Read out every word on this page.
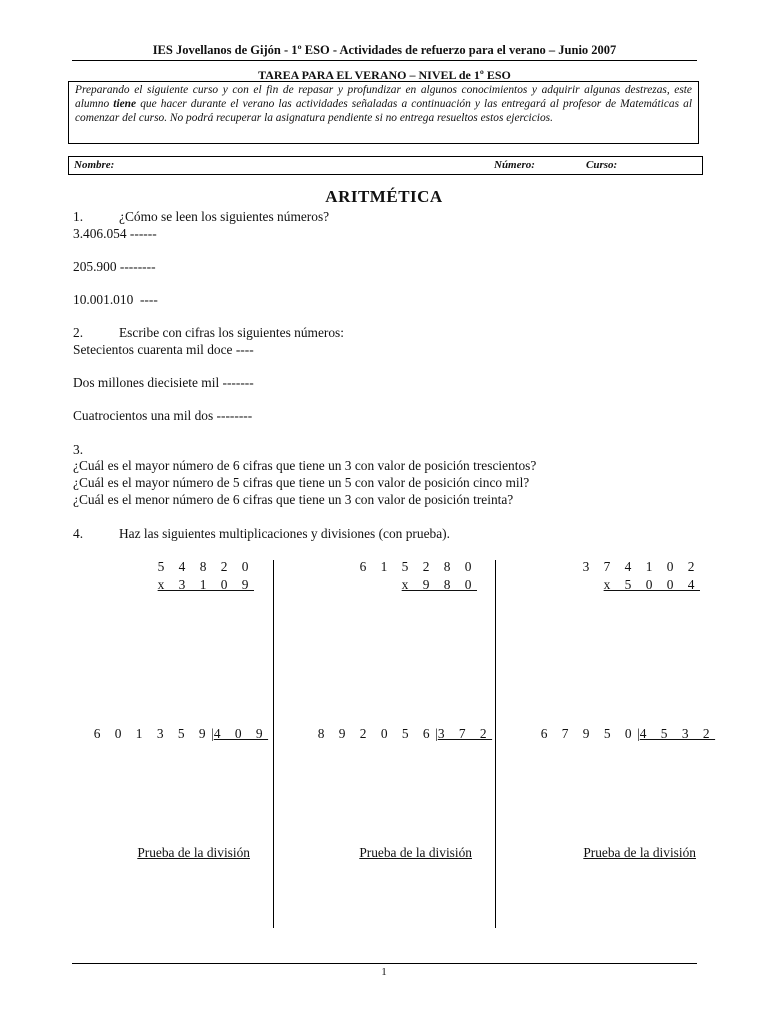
IES Jovellanos de Gijón - 1º ESO - Actividades de refuerzo para el verano – Junio 2007
TAREA PARA EL VERANO – NIVEL de 1º ESO
Preparando el siguiente curso y con el fin de repasar y profundizar en algunos conocimientos y adquirir algunas destrezas, este alumno tiene que hacer durante el verano las actividades señaladas a continuación y las entregará al profesor de Matemáticas al comenzar del curso. No podrá recuperar la asignatura pendiente si no entrega resueltos estos ejercicios.
Nombre:	Número:	Curso:
ARITMÉTICA
1.	¿Cómo se leen los siguientes números?
3.406.054 ------
205.900 --------
10.001.010  ----
2.	Escribe con cifras los siguientes números:
Setecientos cuarenta mil doce ----
Dos millones diecisiete mil -------
Cuatrocientos una mil dos --------
3.
¿Cuál es el mayor número de 6 cifras que tiene un 3 con valor de posición trescientos?
¿Cuál es el mayor número de 5 cifras que tiene un 5 con valor de posición cinco mil?
¿Cuál es el menor número de 6 cifras que tiene un 3 con valor de posición treinta?
4.	Haz las siguientes multiplicaciones y divisiones (con prueba).
5 4 8 2 0
x 3 1 0 9
6 1 5 2 8 0
x 9 8 0
3 7 4 1 0 2
x 5 0 0 4

6 0 1 3 5 9|4 0 9	8 9 2 0 5 6|3 7 2	6 7 9 5 0|4 5 3 2

Prueba de la división	Prueba de la división	Prueba de la división
1
